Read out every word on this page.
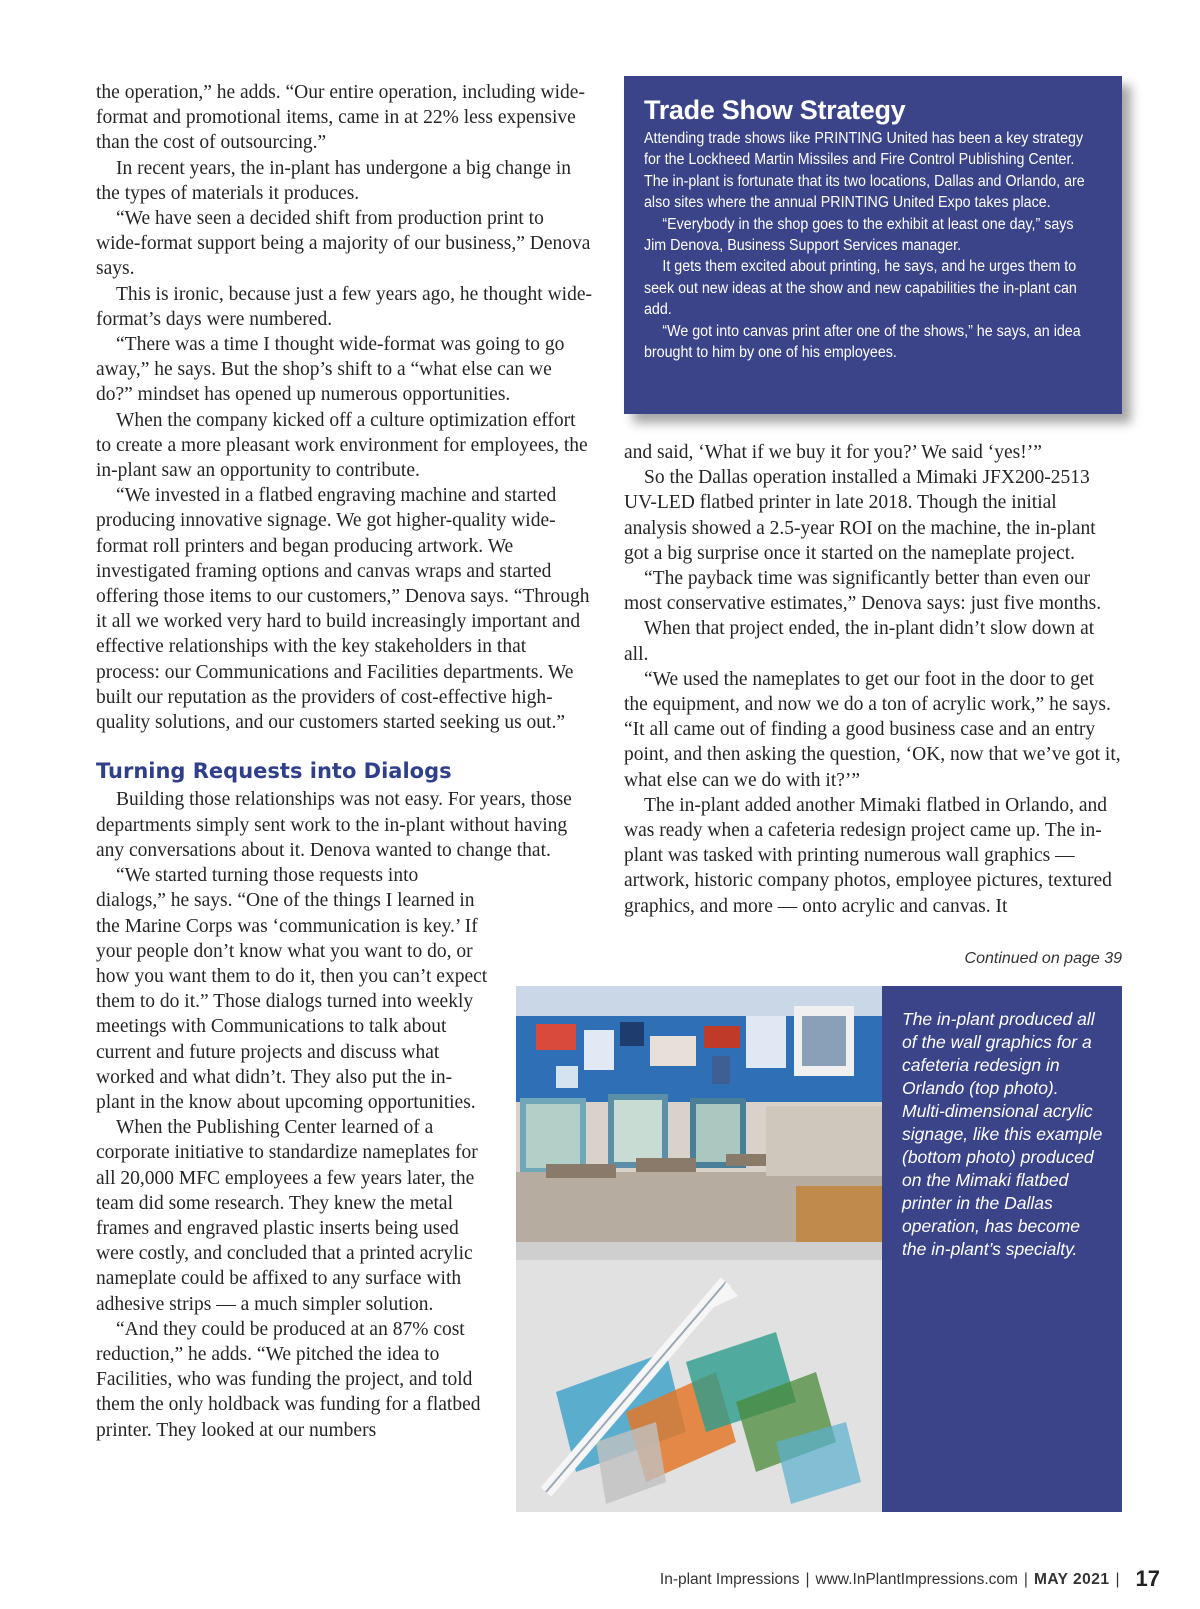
the operation,” he adds. “Our entire operation, including wide-format and promotional items, came in at 22% less expensive than the cost of outsourcing.”

In recent years, the in-plant has undergone a big change in the types of materials it produces.

“We have seen a decided shift from production print to wide-format support being a majority of our business,” Denova says.

This is ironic, because just a few years ago, he thought wide-format’s days were numbered.

“There was a time I thought wide-format was going to go away,” he says. But the shop’s shift to a “what else can we do?” mindset has opened up numerous opportunities.

When the company kicked off a culture optimization effort to create a more pleasant work environment for employees, the in-plant saw an opportunity to contribute.

“We invested in a flatbed engraving machine and started producing innovative signage. We got higher-quality wide-format roll printers and began producing artwork. We investigated framing options and canvas wraps and started offering those items to our customers,” Denova says. “Through it all we worked very hard to build increasingly important and effective relationships with the key stakeholders in that process: our Communications and Facilities departments. We built our reputation as the providers of cost-effective high-quality solutions, and our customers started seeking us out.”

Turning Requests into Dialogs

Building those relationships was not easy. For years, those departments simply sent work to the in-plant without having any conversations about it. Denova wanted to change that.

“We started turning those requests into dialogs,” he says. “One of the things I learned in the Marine Corps was ‘communication is key.’ If your people don’t know what you want to do, or how you want them to do it, then you can’t expect them to do it.” Those dialogs turned into weekly meetings with Communications to talk about current and future projects and discuss what worked and what didn’t. They also put the in-plant in the know about upcoming opportunities.

When the Publishing Center learned of a corporate initiative to standardize nameplates for all 20,000 MFC employees a few years later, the team did some research. They knew the metal frames and engraved plastic inserts being used were costly, and concluded that a printed acrylic nameplate could be affixed to any surface with adhesive strips — a much simpler solution.

“And they could be produced at an 87% cost reduction,” he adds. “We pitched the idea to Facilities, who was funding the project, and told them the only holdback was funding for a flatbed printer. They looked at our numbers

Trade Show Strategy

Attending trade shows like PRINTING United has been a key strategy for the Lockheed Martin Missiles and Fire Control Publishing Center. The in-plant is fortunate that its two locations, Dallas and Orlando, are also sites where the annual PRINTING United Expo takes place.

“Everybody in the shop goes to the exhibit at least one day,” says Jim Denova, Business Support Services manager.

It gets them excited about printing, he says, and he urges them to seek out new ideas at the show and new capabilities the in-plant can add.

“We got into canvas print after one of the shows,” he says, an idea brought to him by one of his employees.

and said, ‘What if we buy it for you?’ We said ‘yes!’”

So the Dallas operation installed a Mimaki JFX200-2513 UV-LED flatbed printer in late 2018. Though the initial analysis showed a 2.5-year ROI on the machine, the in-plant got a big surprise once it started on the nameplate project.

“The payback time was significantly better than even our most conservative estimates,” Denova says: just five months.

When that project ended, the in-plant didn’t slow down at all.

“We used the nameplates to get our foot in the door to get the equipment, and now we do a ton of acrylic work,” he says. “It all came out of finding a good business case and an entry point, and then asking the question, ‘OK, now that we’ve got it, what else can we do with it?’”

The in-plant added another Mimaki flatbed in Orlando, and was ready when a cafeteria redesign project came up. The in-plant was tasked with printing numerous wall graphics — artwork, historic company photos, employee pictures, textured graphics, and more — onto acrylic and canvas. It

Continued on page 39

The in-plant produced all of the wall graphics for a cafeteria redesign in Orlando (top photo). Multi-dimensional acrylic signage, like this example (bottom photo) produced on the Mimaki flatbed printer in the Dallas operation, has become the in-plant’s specialty.

In-plant Impressions | www.InPlantImpressions.com | MAY 2021 | 17
